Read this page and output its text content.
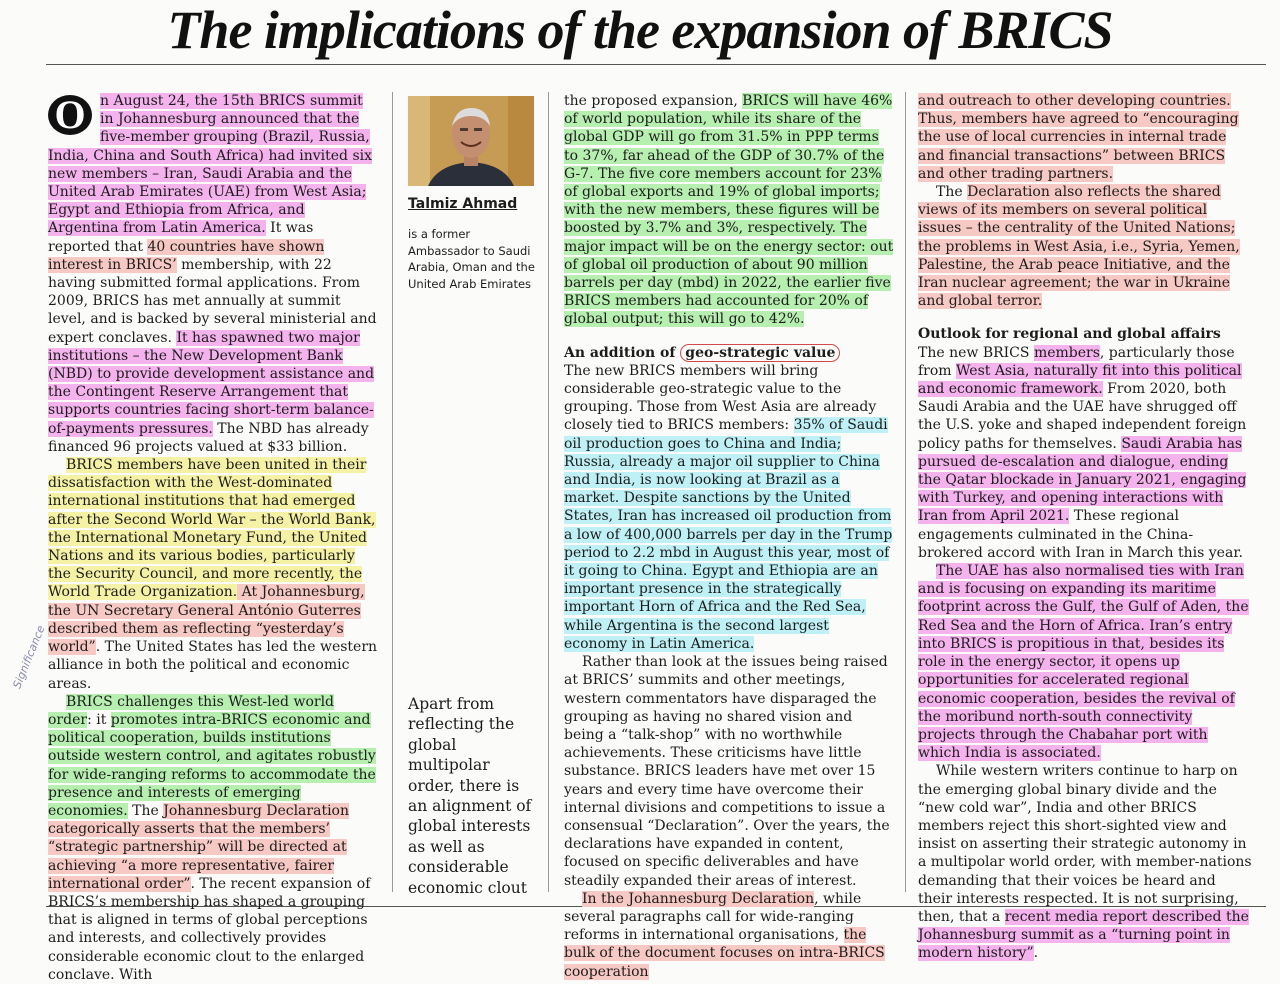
The implications of the expansion of BRICS
Significance

O	n August 24, the 15th BRICS summit in Johannesburg announced that the five-member grouping (Brazil, Russia, India, China and South Africa) had invited six new members – Iran, Saudi Arabia and the United Arab Emirates (UAE) from West Asia; Egypt and Ethiopia from Africa, and Argentina from Latin America. It was reported that 40 countries have shown interest in BRICS’ membership, with 22 having submitted formal applications. From 2009, BRICS has met annually at summit level, and is backed by several ministerial and expert conclaves. It has spawned two major institutions – the New Development Bank (NBD) to provide development assistance and the Contingent Reserve Arrangement that supports countries facing short-term balance-of-payments pressures. The NBD has already financed 96 projects valued at $33 billion.

BRICS members have been united in their dissatisfaction with the West-dominated international institutions that had emerged after the Second World War – the World Bank, the International Monetary Fund, the United Nations and its various bodies, particularly the Security Council, and more recently, the World Trade Organization. At Johannesburg, the UN Secretary General António Guterres described them as reflecting “yesterday’s world”. The United States has led the western alliance in both the political and economic areas.

BRICS challenges this West-led world order: it promotes intra-BRICS economic and political cooperation, builds institutions outside western control, and agitates robustly for wide-ranging reforms to accommodate the presence and interests of emerging economies. The Johannesburg Declaration categorically asserts that the members’ “strategic partnership” will be directed at achieving “a more representative, fairer international order”. The recent expansion of BRICS’s membership has shaped a grouping that is aligned in terms of global perceptions and interests, and collectively provides considerable economic clout to the enlarged conclave. With

Talmiz Ahmad
is a former Ambassador to Saudi Arabia, Oman and the United Arab Emirates
Apart from reflecting the global multipolar order, there is an alignment of global interests as well as considerable economic clout

the proposed expansion, BRICS will have 46% of world population, while its share of the global GDP will go from 31.5% in PPP terms to 37%, far ahead of the GDP of 30.7% of the G-7. The five core members account for 23% of global exports and 19% of global imports; with the new members, these figures will be boosted by 3.7% and 3%, respectively. The major impact will be on the energy sector: out of global oil production of about 90 million barrels per day (mbd) in 2022, the earlier five BRICS members had accounted for 20% of global output; this will go to 42%.

An addition of geo-strategic value

The new BRICS members will bring considerable geo-strategic value to the grouping. Those from West Asia are already closely tied to BRICS members: 35% of Saudi oil production goes to China and India; Russia, already a major oil supplier to China and India, is now looking at Brazil as a market. Despite sanctions by the United States, Iran has increased oil production from a low of 400,000 barrels per day in the Trump period to 2.2 mbd in August this year, most of it going to China. Egypt and Ethiopia are an important presence in the strategically important Horn of Africa and the Red Sea, while Argentina is the second largest economy in Latin America.

Rather than look at the issues being raised at BRICS’ summits and other meetings, western commentators have disparaged the grouping as having no shared vision and being a “talk-shop” with no worthwhile achievements. These criticisms have little substance. BRICS leaders have met over 15 years and every time have overcome their internal divisions and competitions to issue a consensual “Declaration”. Over the years, the declarations have expanded in content, focused on specific deliverables and have steadily expanded their areas of interest.

In the Johannesburg Declaration, while several paragraphs call for wide-ranging reforms in international organisations, the bulk of the document focuses on intra-BRICS cooperation

and outreach to other developing countries. Thus, members have agreed to “encouraging the use of local currencies in internal trade and financial transactions” between BRICS and other trading partners.

The Declaration also reflects the shared views of its members on several political issues – the centrality of the United Nations; the problems in West Asia, i.e., Syria, Yemen, Palestine, the Arab peace Initiative, and the Iran nuclear agreement; the war in Ukraine and global terror.

Outlook for regional and global affairs

The new BRICS members, particularly those from West Asia, naturally fit into this political and economic framework. From 2020, both Saudi Arabia and the UAE have shrugged off the U.S. yoke and shaped independent foreign policy paths for themselves. Saudi Arabia has pursued de-escalation and dialogue, ending the Qatar blockade in January 2021, engaging with Turkey, and opening interactions with Iran from April 2021. These regional engagements culminated in the China-brokered accord with Iran in March this year.

The UAE has also normalised ties with Iran and is focusing on expanding its maritime footprint across the Gulf, the Gulf of Aden, the Red Sea and the Horn of Africa. Iran’s entry into BRICS is propitious in that, besides its role in the energy sector, it opens up opportunities for accelerated regional economic cooperation, besides the revival of the moribund north-south connectivity projects through the Chabahar port with which India is associated.

While western writers continue to harp on the emerging global binary divide and the “new cold war”, India and other BRICS members reject this short-sighted view and insist on asserting their strategic autonomy in a multipolar world order, with member-nations demanding that their voices be heard and their interests respected. It is not surprising, then, that a recent media report described the Johannesburg summit as a “turning point in modern history”.
